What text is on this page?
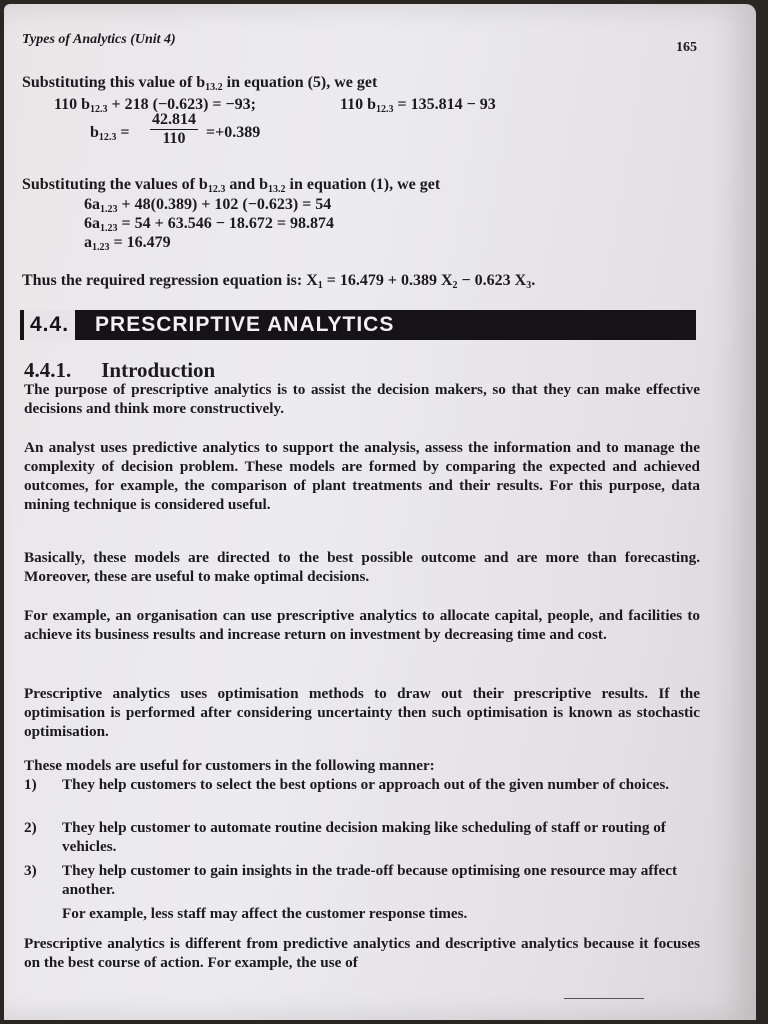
Types of Analytics (Unit 4)
165
Substituting this value of $b_{13.2}$ in equation (5), we get
110 $b_{12.3} + 218$ (−0.623) = −93;	110 $b_{12.3} = 135.814 - 93$
$b_{12.3} = \frac{42.814}{110} =+0.389$
Substituting the values of $b_{12.3}$ and $b_{13.2}$ in equation (1), we get
$6a_{1.23} + 48(0.389) + 102$ (−0.623) = 54
$6a_{1.23} = 54 + 63.546 - 18.672 = 98.874$
$a_{1.23} = 16.479$
Thus the required regression equation is: $X_1 = 16.479 + 0.389$ $X_2 - 0.623$ $X_3$.
4.4. PRESCRIPTIVE ANALYTICS
4.4.1. Introduction
The purpose of prescriptive analytics is to assist the decision makers, so that they can make effective decisions and think more constructively.
An analyst uses predictive analytics to support the analysis, assess the information and to manage the complexity of decision problem. These models are formed by comparing the expected and achieved outcomes, for example, the comparison of plant treatments and their results. For this purpose, data mining technique is considered useful.
Basically, these models are directed to the best possible outcome and are more than forecasting. Moreover, these are useful to make optimal decisions.
For example, an organisation can use prescriptive analytics to allocate capital, people, and facilities to achieve its business results and increase return on investment by decreasing time and cost.
Prescriptive analytics uses optimisation methods to draw out their prescriptive results. If the optimisation is performed after considering uncertainty then such optimisation is known as stochastic optimisation.
These models are useful for customers in the following manner:
1) They help customers to select the best options or approach out of the given number of choices.
2) They help customer to automate routine decision making like scheduling of staff or routing of vehicles.
3) They help customer to gain insights in the trade-off because optimising one resource may affect another.
For example, less staff may affect the customer response times.
Prescriptive analytics is different from predictive analytics and descriptive analytics because it focuses on the best course of action. For example, the use of
